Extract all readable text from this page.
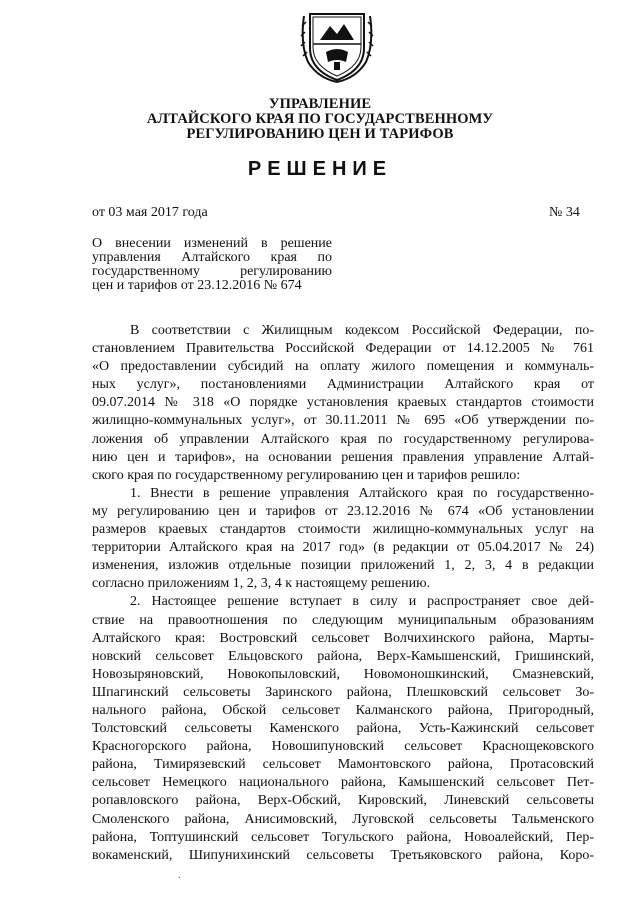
УПРАВЛЕНИЕ
АЛТАЙСКОГО КРАЯ ПО ГОСУДАРСТВЕННОМУ
РЕГУЛИРОВАНИЮ ЦЕН И ТАРИФОВ
РЕШЕНИЕ
от 03 мая 2017 года	№ 34
О внесении изменений в решение
управления Алтайского края по
государственному регулированию
цен и тарифов от 23.12.2016 № 674
В соответствии с Жилищным кодексом Российской Федерации, по-
становлением Правительства Российской Федерации от 14.12.2005 № 761
«О предоставлении субсидий на оплату жилого помещения и коммуналь-
ных услуг», постановлениями Администрации Алтайского края от
09.07.2014 № 318 «О порядке установления краевых стандартов стоимости
жилищно-коммунальных услуг», от 30.11.2011 № 695 «Об утверждении по-
ложения об управлении Алтайского края по государственному регулирова-
нию цен и тарифов», на основании решения правления управление Алтай-
ского края по государственному регулированию цен и тарифов решило:
1. Внести в решение управления Алтайского края по государственно-
му регулированию цен и тарифов от 23.12.2016 № 674 «Об установлении
размеров краевых стандартов стоимости жилищно-коммунальных услуг на
территории Алтайского края на 2017 год» (в редакции от 05.04.2017 № 24)
изменения, изложив отдельные позиции приложений 1, 2, 3, 4 в редакции
согласно приложениям 1, 2, 3, 4 к настоящему решению.
2. Настоящее решение вступает в силу и распространяет свое дей-
ствие на правоотношения по следующим муниципальным образованиям
Алтайского края: Востровский сельсовет Волчихинского района, Марты-
новский сельсовет Ельцовского района, Верх-Камышенский, Гришинский,
Новозыряновский, Новокопыловский, Новомоношкинский, Смазневский,
Шпагинский сельсоветы Заринского района, Плешковский сельсовет Зо-
нального района, Обской сельсовет Калманского района, Пригородный,
Толстовский сельсоветы Каменского района, Усть-Кажинский сельсовет
Красногорского района, Новошипуновский сельсовет Краснощековского
района, Тимирязевский сельсовет Мамонтовского района, Протасовский
сельсовет Немецкого национального района, Камышенский сельсовет Пет-
ропавловского района, Верх-Обский, Кировский, Линевский сельсоветы
Смоленского района, Анисимовский, Луговской сельсоветы Тальменского
района, Топтушинский сельсовет Тогульского района, Новоалейский, Пер-
вокаменский, Шипунихинский сельсоветы Третьяковского района, Коро-
.
